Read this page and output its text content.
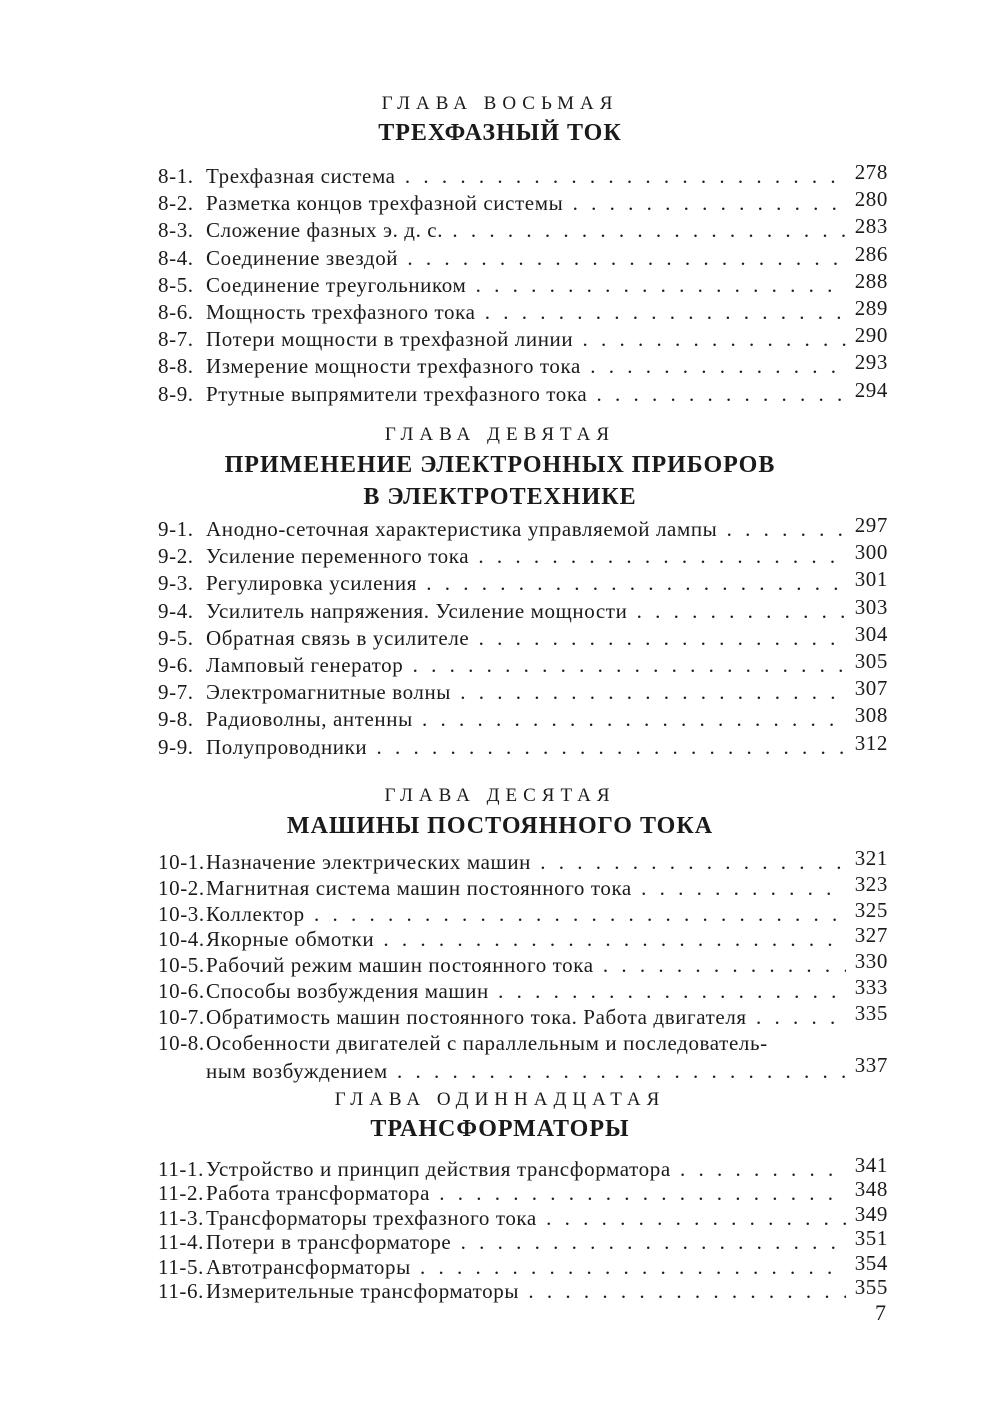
ГЛАВА ВОСЬМАЯ
ТРЕХФАЗНЫЙ ТОК
8-1. Трехфазная система . . .	278
8-2. Разметка концов трехфазной системы . . .	280
8-3. Сложение фазных э. д. с. . . .	283
8-4. Соединение звездой . . .	286
8-5. Соединение треугольником . . .	288
8-6. Мощность трехфазного тока . . .	289
8-7. Потери мощности в трехфазной линии . . .	290
8-8. Измерение мощности трехфазного тока . . .	293
8-9. Ртутные выпрямители трехфазного тока . . .	294
ГЛАВА ДЕВЯТАЯ
ПРИМЕНЕНИЕ ЭЛЕКТРОННЫХ ПРИБОРОВ
В ЭЛЕКТРОТЕХНИКЕ
9-1. Анодно-сеточная характеристика управляемой лампы . . .	297
9-2. Усиление переменного тока . . .	300
9-3. Регулировка усиления . . .	301
9-4. Усилитель напряжения. Усиление мощности . . .	303
9-5. Обратная связь в усилителе . . .	304
9-6. Ламповый генератор . . .	305
9-7. Электромагнитные волны . . .	307
9-8. Радиоволны, антенны . . .	308
9-9. Полупроводники . . .	312
ГЛАВА ДЕСЯТАЯ
МАШИНЫ ПОСТОЯННОГО ТОКА
10-1. Назначение электрических машин . . .	321
10-2. Магнитная система машин постоянного тока . . .	323
10-3. Коллектор . . .	325
10-4. Якорные обмотки . . .	327
10-5. Рабочий режим машин постоянного тока . . .	330
10-6. Способы возбуждения машин . . .	333
10-7. Обратимость машин постоянного тока. Работа двигателя . . .	335
10-8. Особенности двигателей с параллельным и последователь-
ным возбуждением . . .	337
ГЛАВА ОДИННАДЦАТАЯ
ТРАНСФОРМАТОРЫ
11-1. Устройство и принцип действия трансформатора . . .	341
11-2. Работа трансформатора . . .	348
11-3. Трансформаторы трехфазного тока . . .	349
11-4. Потери в трансформаторе . . .	351
11-5. Автотрансформаторы . . .	354
11-6. Измерительные трансформаторы . . .	355
7
